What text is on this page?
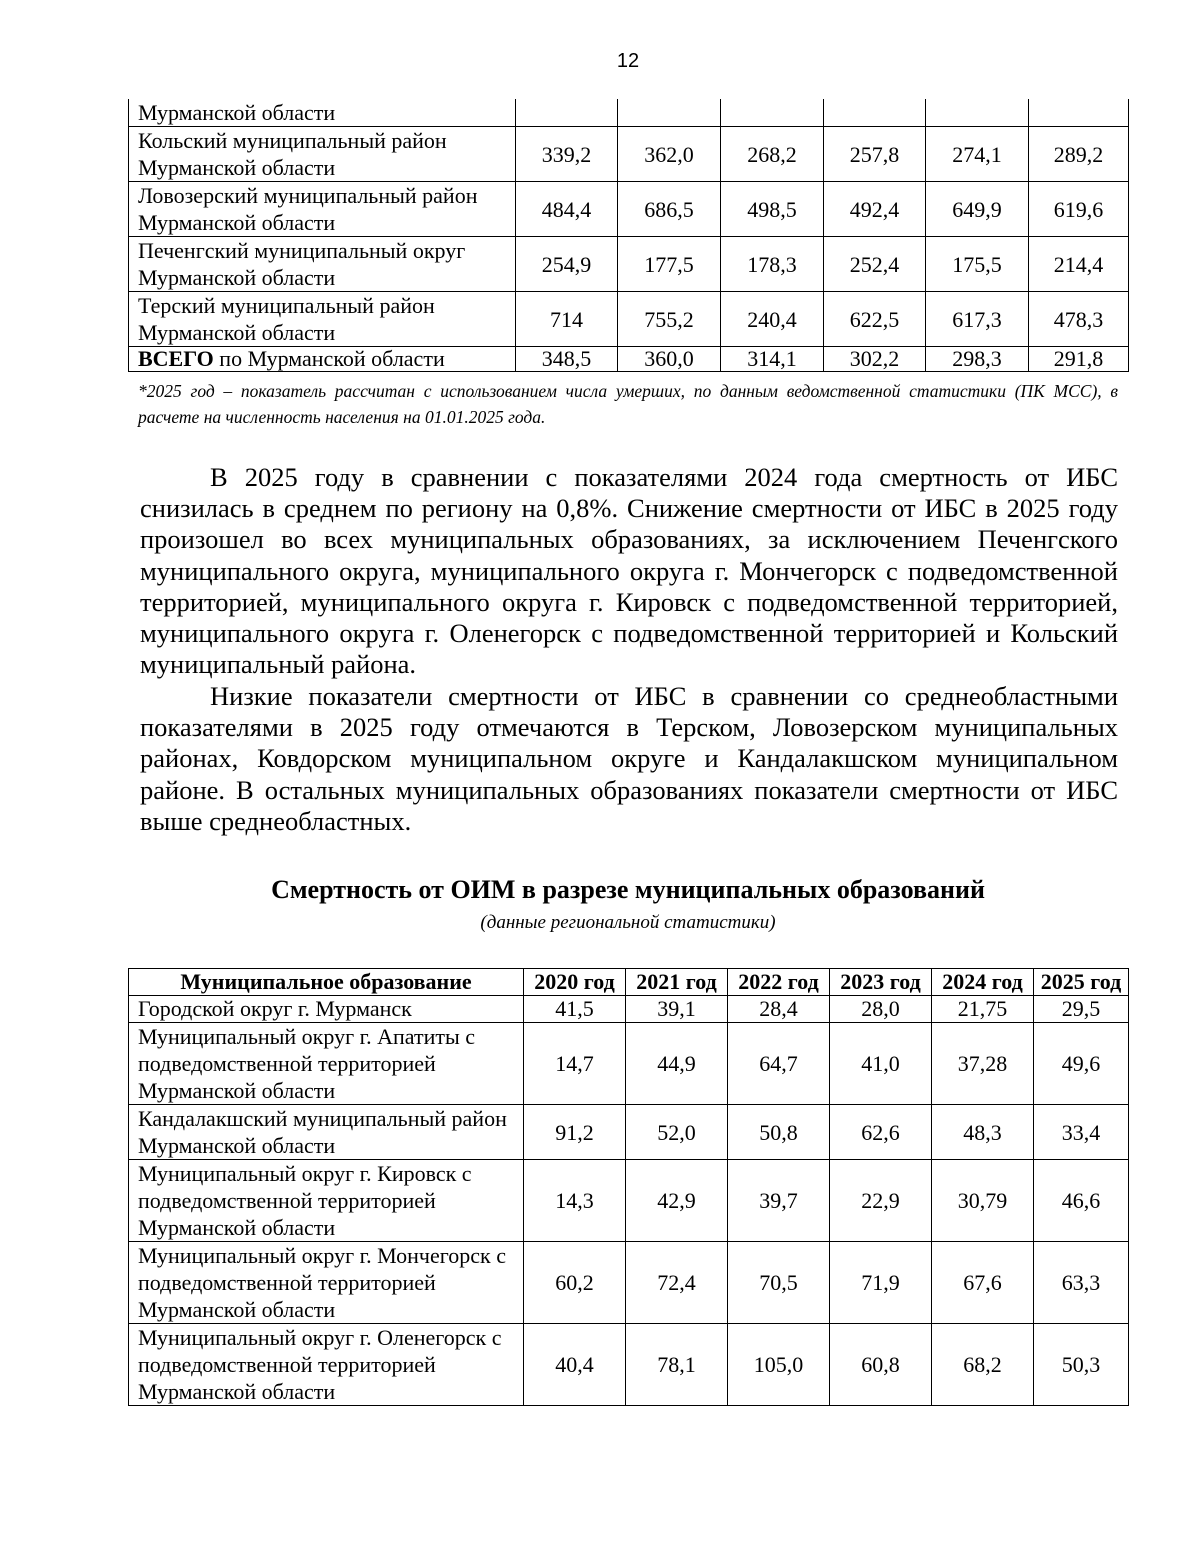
12
Мурманской области						
Кольский муниципальный район Мурманской области	339,2	362,0	268,2	257,8	274,1	289,2
Ловозерский муниципальный район Мурманской области	484,4	686,5	498,5	492,4	649,9	619,6
Печенгский муниципальный округ Мурманской области	254,9	177,5	178,3	252,4	175,5	214,4
Терский муниципальный район Мурманской области	714	755,2	240,4	622,5	617,3	478,3
ВСЕГО по Мурманской области	348,5	360,0	314,1	302,2	298,3	291,8
*2025 год – показатель рассчитан с использованием числа умерших, по данным ведомственной статистики (ПК МСС), в расчете на численность населения на 01.01.2025 года.
В 2025 году в сравнении с показателями 2024 года смертность от ИБС снизилась в среднем по региону на 0,8%. Снижение смертности от ИБС в 2025 году произошел во всех муниципальных образованиях, за исключением Печенгского муниципального округа, муниципального округа г. Мончегорск с подведомственной территорией, муниципального округа г. Кировск с подведомственной территорией, муниципального округа г. Оленегорск с подведомственной территорией и Кольский муниципальный района.
Низкие показатели смертности от ИБС в сравнении со среднеобластными показателями в 2025 году отмечаются в Терском, Ловозерском муниципальных районах, Ковдорском муниципальном округе и Кандалакшском муниципальном районе. В остальных муниципальных образованиях показатели смертности от ИБС выше среднеобластных.
Смертность от ОИМ в разрезе муниципальных образований
(данные региональной статистики)
Муниципальное образование	2020 год	2021 год	2022 год	2023 год	2024 год	2025 год
Городской округ г. Мурманск	41,5	39,1	28,4	28,0	21,75	29,5
Муниципальный округ г. Апатиты с подведомственной территорией Мурманской области	14,7	44,9	64,7	41,0	37,28	49,6
Кандалакшский муниципальный район Мурманской области	91,2	52,0	50,8	62,6	48,3	33,4
Муниципальный округ г. Кировск с подведомственной территорией Мурманской области	14,3	42,9	39,7	22,9	30,79	46,6
Муниципальный округ г. Мончегорск с подведомственной территорией Мурманской области	60,2	72,4	70,5	71,9	67,6	63,3
Муниципальный округ г. Оленегорск с подведомственной территорией Мурманской области	40,4	78,1	105,0	60,8	68,2	50,3
